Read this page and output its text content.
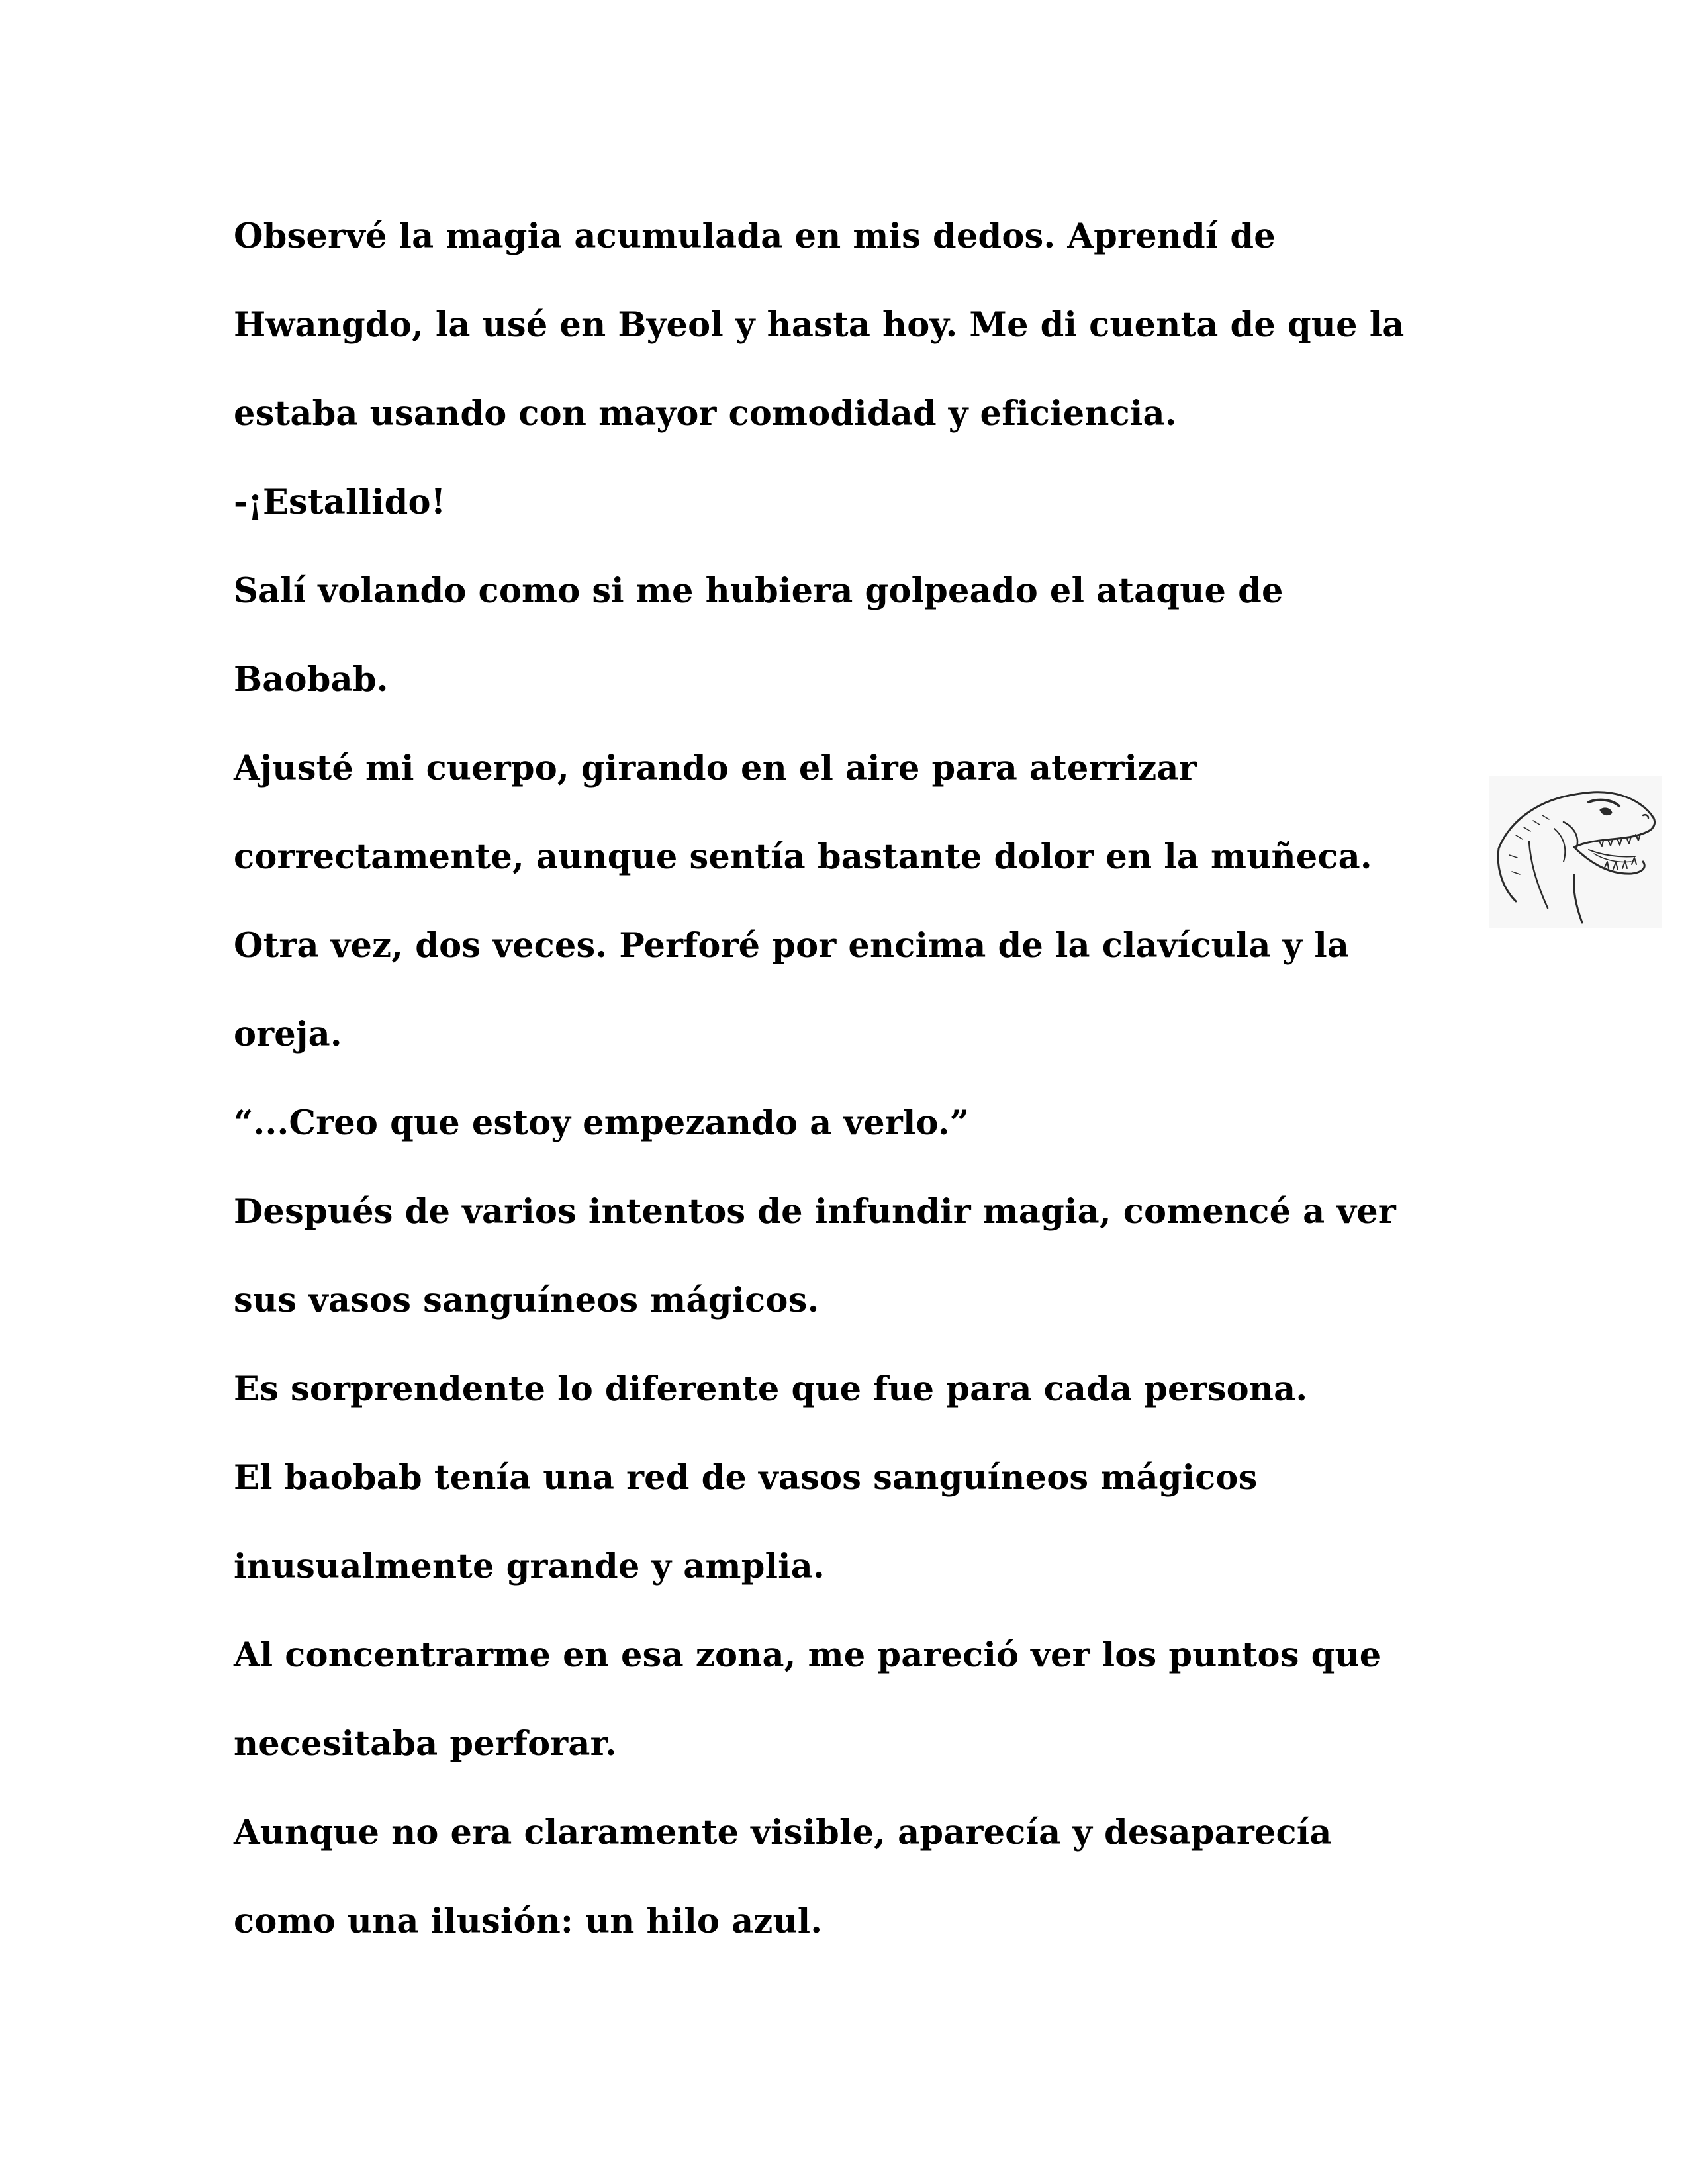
Observé la magia acumulada en mis dedos. Aprendí de
Hwangdo, la usé en Byeol y hasta hoy. Me di cuenta de que la
estaba usando con mayor comodidad y eficiencia.
-¡Estallido!
Salí volando como si me hubiera golpeado el ataque de
Baobab.
Ajusté mi cuerpo, girando en el aire para aterrizar
correctamente, aunque sentía bastante dolor en la muñeca.
Otra vez, dos veces. Perforé por encima de la clavícula y la
oreja.
“...Creo que estoy empezando a verlo.”
Después de varios intentos de infundir magia, comencé a ver
sus vasos sanguíneos mágicos.
Es sorprendente lo diferente que fue para cada persona.
El baobab tenía una red de vasos sanguíneos mágicos
inusualmente grande y amplia.
Al concentrarme en esa zona, me pareció ver los puntos que
necesitaba perforar.
Aunque no era claramente visible, aparecía y desaparecía
como una ilusión: un hilo azul.
